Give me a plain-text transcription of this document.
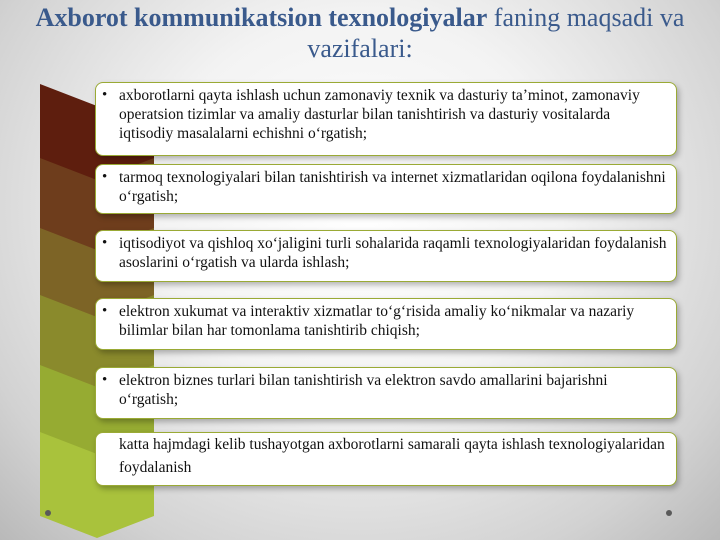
Axborot kommunikatsion texnologiyalar faning maqsadi va vazifalari:
• axborotlarni qayta ishlash uchun zamonaviy texnik va dasturiy ta’minot, zamonaviy operatsion tizimlar va amaliy dasturlar bilan tanishtirish va dasturiy vositalarda iqtisodiy masalalarni echishni o‘rgatish;
• tarmoq texnologiyalari bilan tanishtirish va internet xizmatlaridan oqilona foydalanishni o‘rgatish;
• iqtisodiyot va qishloq xo‘jaligini turli sohalarida raqamli texnologiyalaridan foydalanish asoslarini o‘rgatish va ularda ishlash;
• elektron xukumat va interaktiv xizmatlar to‘g‘risida amaliy ko‘nikmalar va nazariy bilimlar bilan har tomonlama tanishtirib chiqish;
• elektron biznes turlari bilan tanishtirish va elektron savdo amallarini bajarishni o‘rgatish;
katta hajmdagi kelib tushayotgan axborotlarni samarali qayta ishlash texnologiyalaridan foydalanish
